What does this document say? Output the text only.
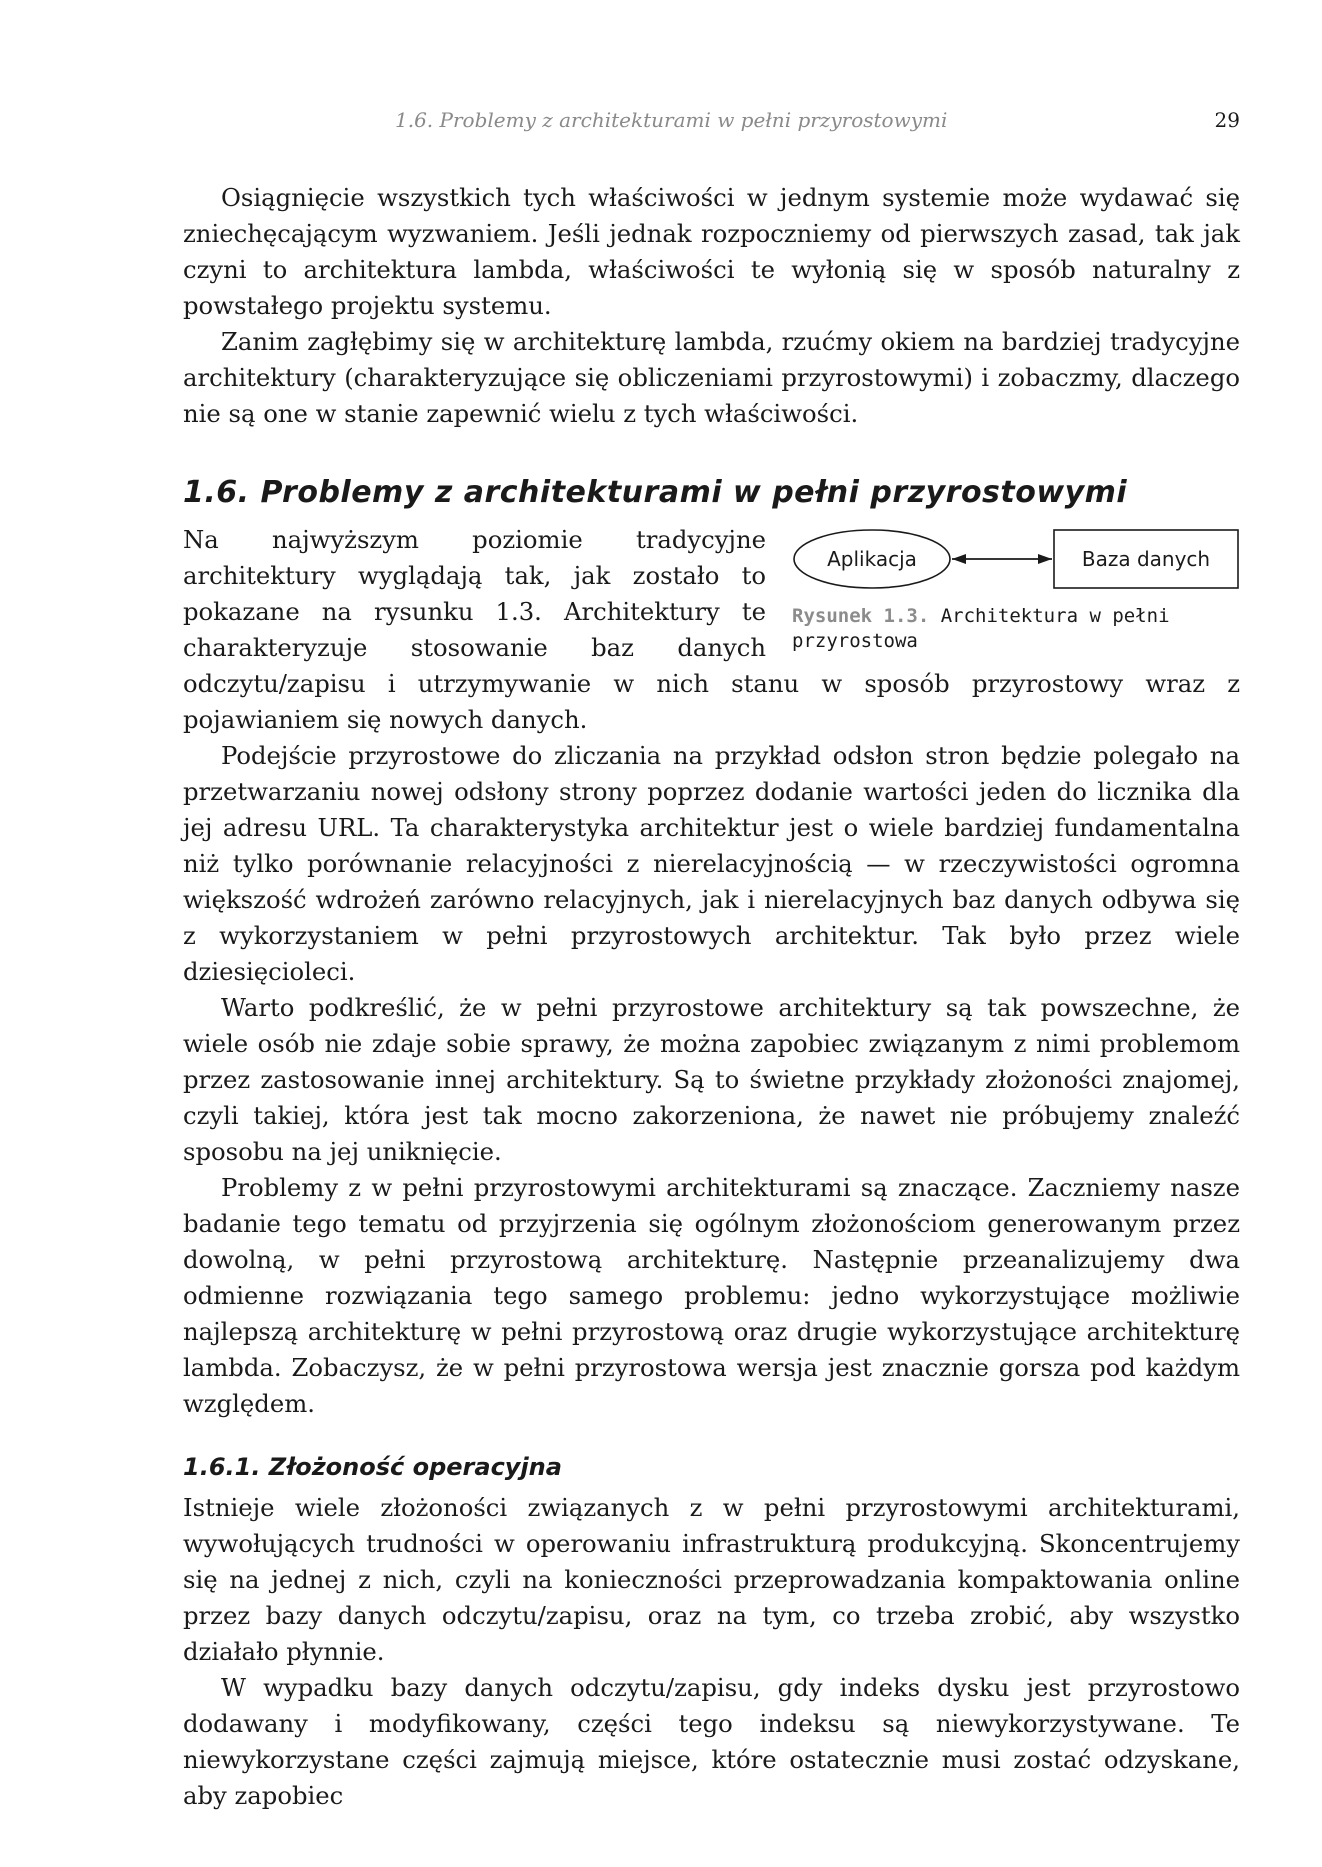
1.6. Problemy z architekturami w pełni przyrostowymi	29

Osiągnięcie wszystkich tych właściwości w jednym systemie może wydawać się zniechęcającym wyzwaniem. Jeśli jednak rozpoczniemy od pierwszych zasad, tak jak czyni to architektura lambda, właściwości te wyłonią się w sposób naturalny z powstałego projektu systemu.

Zanim zagłębimy się w architekturę lambda, rzućmy okiem na bardziej tradycyjne architektury (charakteryzujące się obliczeniami przyrostowymi) i zobaczmy, dlaczego nie są one w stanie zapewnić wielu z tych właściwości.

1.6. Problemy z architekturami w pełni przyrostowymi
Aplikacja	Baza danych
Rysunek 1.3. Architektura w pełni przyrostowa

Na najwyższym poziomie tradycyjne architektury wyglądają tak, jak zostało to pokazane na rysunku 1.3. Architektury te charakteryzuje stosowanie baz danych odczytu/zapisu i utrzymywanie w nich stanu w sposób przyrostowy wraz z pojawianiem się nowych danych.

Podejście przyrostowe do zliczania na przykład odsłon stron będzie polegało na przetwarzaniu nowej odsłony strony poprzez dodanie wartości jeden do licznika dla jej adresu URL. Ta charakterystyka architektur jest o wiele bardziej fundamentalna niż tylko porównanie relacyjności z nierelacyjnością — w rzeczywistości ogromna większość wdrożeń zarówno relacyjnych, jak i nierelacyjnych baz danych odbywa się z wykorzystaniem w pełni przyrostowych architektur. Tak było przez wiele dziesięcioleci.

Warto podkreślić, że w pełni przyrostowe architektury są tak powszechne, że wiele osób nie zdaje sobie sprawy, że można zapobiec związanym z nimi problemom przez zastosowanie innej architektury. Są to świetne przykłady złożoności znajomej, czyli takiej, która jest tak mocno zakorzeniona, że nawet nie próbujemy znaleźć sposobu na jej uniknięcie.

Problemy z w pełni przyrostowymi architekturami są znaczące. Zaczniemy nasze badanie tego tematu od przyjrzenia się ogólnym złożonościom generowanym przez dowolną, w pełni przyrostową architekturę. Następnie przeanalizujemy dwa odmienne rozwiązania tego samego problemu: jedno wykorzystujące możliwie najlepszą architekturę w pełni przyrostową oraz drugie wykorzystujące architekturę lambda. Zobaczysz, że w pełni przyrostowa wersja jest znacznie gorsza pod każdym względem.

1.6.1. Złożoność operacyjna

Istnieje wiele złożoności związanych z w pełni przyrostowymi architekturami, wywołujących trudności w operowaniu infrastrukturą produkcyjną. Skoncentrujemy się na jednej z nich, czyli na konieczności przeprowadzania kompaktowania online przez bazy danych odczytu/zapisu, oraz na tym, co trzeba zrobić, aby wszystko działało płynnie.

W wypadku bazy danych odczytu/zapisu, gdy indeks dysku jest przyrostowo dodawany i modyfikowany, części tego indeksu są niewykorzystywane. Te niewykorzystane części zajmują miejsce, które ostatecznie musi zostać odzyskane, aby zapobiec
